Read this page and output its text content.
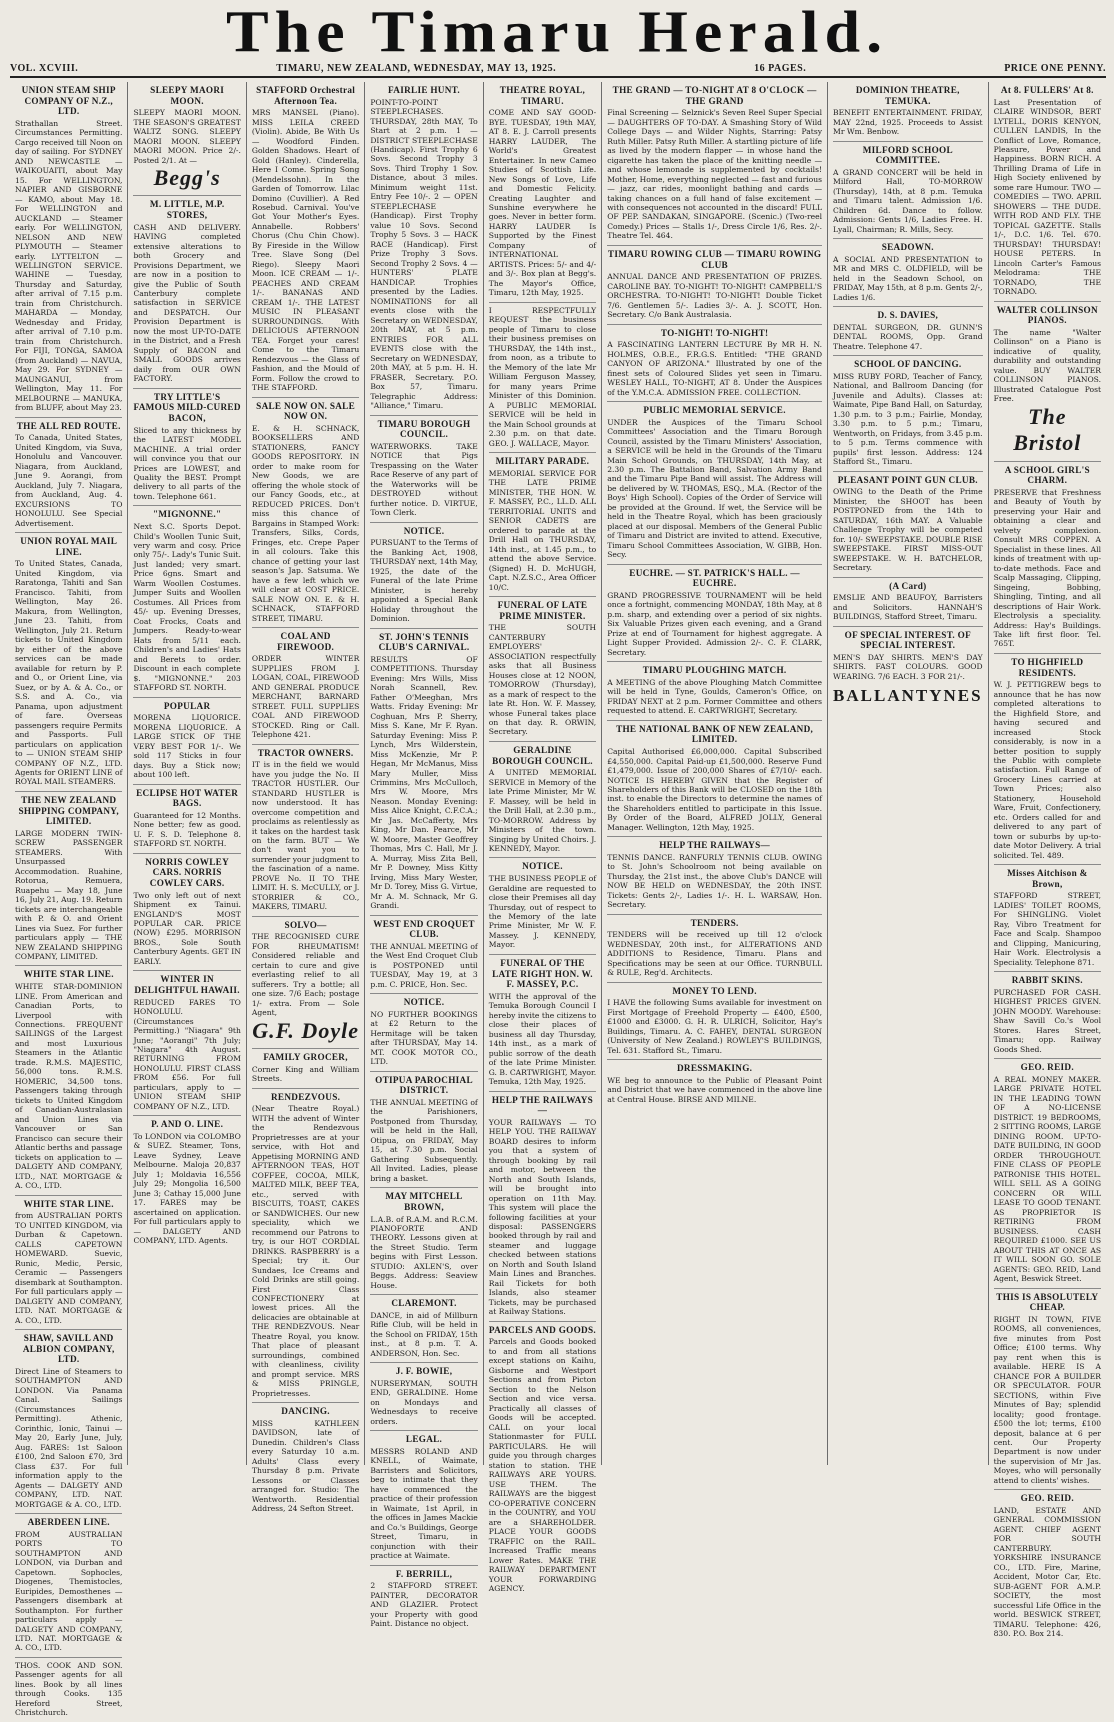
The Timaru Herald.
VOL. XCVIII.	TIMARU, NEW ZEALAND, WEDNESDAY, MAY 13, 1925.	16 PAGES.	PRICE ONE PENNY.
UNION STEAM SHIP COMPANY OF N.Z., LTD.

Strathallan Street. Circumstances Permitting. Cargo received till Noon on day of sailing. For SYDNEY AND NEWCASTLE — WAIKOUAITI, about May 15. For WELLINGTON, NAPIER AND GISBORNE — KAMO, about May 18. For WELLINGTON and AUCKLAND — Steamer early. For WELLINGTON, NELSON AND NEW PLYMOUTH — Steamer early. LYTTELTON — WELLINGTON SERVICE. WAHINE — Tuesday, Thursday and Saturday, after arrival of 7.15 p.m. train from Christchurch. MAHARDA — Monday, Wednesday and Friday, after arrival of 7.10 p.m. train from Christchurch. For FIJI, TONGA, SAMOA (from Auckland) — NAVUA, May 29. For SYDNEY — MAUNGANUI, from Wellington, May 11. For MELBOURNE — MANUKA, from BLUFF, about May 23.

THE ALL RED ROUTE.

To Canada, United States, United Kingdom, via Suva, Honolulu and Vancouver. Niagara, from Auckland, June 9. Aorangi, from Auckland, July 7. Niagara, from Auckland, Aug. 4. EXCURSIONS TO HONOLULU. See Special Advertisement.

UNION ROYAL MAIL LINE.

To United States, Canada, United Kingdom, via Raratonga, Tahiti and San Francisco. Tahiti, from Wellington, May 26. Makura, from Wellington, June 23. Tahiti, from Wellington, July 21. Return tickets to United Kingdom by either of the above services can be made available for return by P. and O., or Orient Line, via Suez, or by A. & A. Co., or S.S. and A. Co., via Panama, upon adjustment of fare. Overseas passengers require Permits and Passports. Full particulars on application to — UNION STEAM SHIP COMPANY OF N.Z., LTD. Agents for ORIENT LINE of ROYAL MAIL STEAMERS.

THE NEW ZEALAND SHIPPING COMPANY, LIMITED.

LARGE MODERN TWIN-SCREW PASSENGER STEAMERS. With Unsurpassed Accommodation. Ruahine, Rotorua, Remuera, Ruapehu — May 18, June 16, July 21, Aug. 19. Return tickets are interchangeable with P. & O. and Orient Lines via Suez. For further particulars apply — THE NEW ZEALAND SHIPPING COMPANY, LIMITED.

WHITE STAR LINE.

WHITE STAR-DOMINION LINE. From American and Canadian Ports, to Liverpool with Connections. FREQUENT SAILINGS of the Largest and most Luxurious Steamers in the Atlantic trade. R.M.S. MAJESTIC, 56,000 tons. R.M.S. HOMERIC, 34,500 tons. Passengers taking through tickets to United Kingdom of Canadian-Australasian and Union Lines via Vancouver or San Francisco can secure their Atlantic berths and passage tickets on application to — DALGETY AND COMPANY, LTD., NAT. MORTGAGE & A. CO., LTD.

WHITE STAR LINE.

from AUSTRALIAN PORTS TO UNITED KINGDOM, via Durban & Capetown. CALLS CAPETOWN HOMEWARD. Suevic, Runic, Medic, Persic, Ceramic — Passengers disembark at Southampton. For full particulars apply — DALGETY AND COMPANY, LTD. NAT. MORTGAGE & A. CO., LTD.

SHAW, SAVILL AND ALBION COMPANY, LTD.

Direct Line of Steamers to SOUTHAMPTON AND LONDON. Via Panama Canal. Sailings (Circumstances Permitting). Athenic, Corinthic, Ionic, Tainui — May 20, Early June, July, Aug. FARES: 1st Saloon £100, 2nd Saloon £70, 3rd Class £37. For full information apply to the Agents — DALGETY AND COMPANY, LTD. NAT. MORTGAGE & A. CO., LTD.

ABERDEEN LINE.

FROM AUSTRALIAN PORTS TO SOUTHAMPTON AND LONDON, via Durban and Capetown. Sophocles, Diogenes, Themistocles, Euripides, Demosthenes — Passengers disembark at Southampton. For further particulars apply — DALGETY AND COMPANY, LTD. NAT. MORTGAGE & A. CO., LTD.

THOS. COOK AND SON. Passenger agents for all lines. Book by all lines through Cooks. 135 Hereford Street, Christchurch.

SLEEPY MAORI MOON.

SLEEPY MAORI MOON. THE SEASON'S GREATEST WALTZ SONG. SLEEPY MAORI MOON. SLEEPY MAORI MOON. Price 2/-. Posted 2/1. At —

Begg's
M. LITTLE, M.P. STORES,

CASH AND DELIVERY. HAVING completed extensive alterations to both Grocery and Provisions Department, we are now in a position to give the Public of South Canterbury complete satisfaction in SERVICE and DESPATCH. Our Provision Department is now the most UP-TO-DATE in the District, and a Fresh Supply of BACON and SMALL GOODS arrives daily from OUR OWN FACTORY.

TRY LITTLE'S FAMOUS MILD-CURED BACON,

Sliced to any thickness by the LATEST MODEL MACHINE. A trial order will convince you that our Prices are LOWEST, and Quality the BEST. Prompt delivery to all parts of the town. Telephone 661.

"MIGNONNE."

Next S.C. Sports Depot. Child's Woollen Tunic Suit, very warm and cosy. Price only 75/-. Lady's Tunic Suit. Just landed; very smart. Price 6gns. Smart and Warm Woollen Costumes. Jumper Suits and Woollen Costumes. All Prices from 45/- up. Evening Dresses, Coat Frocks, Coats and Jumpers. Ready-to-wear Hats from 5/11 each. Children's and Ladies' Hats and Berets to order. Discount in each complete $. "MIGNONNE." 203 STAFFORD ST. NORTH.

POPULAR

MORENA LIQUORICE. MORENA LIQUORICE. A LARGE STICK OF THE VERY BEST FOR 1/-. We sold 117 Sticks in four days. Buy a Stick now; about 100 left.

ECLIPSE HOT WATER BAGS.

Guaranteed for 12 Months. None better; few as good. U. F. S. D. Telephone 8. STAFFORD ST. NORTH.

NORRIS COWLEY CARS. NORRIS COWLEY CARS.

Two only left out of next Shipment ex Tainui. ENGLAND'S MOST POPULAR CAR. PRICE (NOW) £295. MORRISON BROS., Sole South Canterbury Agents. GET IN EARLY.

WINTER IN DELIGHTFUL HAWAII.

REDUCED FARES TO HONOLULU. (Circumstances Permitting.) "Niagara" 9th June; "Aorangi" 7th July; "Niagara" 4th August. RETURNING FROM HONOLULU. FIRST CLASS FROM £56. For full particulars, apply to — UNION STEAM SHIP COMPANY OF N.Z., LTD.

P. AND O. LINE.

To LONDON via COLOMBO & SUEZ. Steamer, Tons, Leave Sydney, Leave Melbourne. Maloja 20,837 July 1; Moldavia 16,556 July 29; Mongolia 16,500 June 3; Cathay 15,000 June 17. FARES may be ascertained on application. For full particulars apply to — DALGETY AND COMPANY, LTD. Agents.

STAFFORD Orchestral Afternoon Tea.

MRS MANSEL (Piano). MISS LEILA CREED (Violin). Abide, Be With Us — Woodford Finden. Golden Shadows. Heart of Gold (Hanley). Cinderella, Here I Come. Spring Song (Mendelssohn). In the Garden of Tomorrow. Lilac Domino (Cuvillier). A Red Rosebud. Carnival. You've Got Your Mother's Eyes. Annabelle. Robbers' Chorus (Chu Chin Chow). By Fireside in the Willow Tree. Slave Song (Del Riego). Sleepy Maori Moon. ICE CREAM — 1/-. PEACHES AND CREAM 1/-. BANANAS AND CREAM 1/-. THE LATEST MUSIC IN PLEASANT SURROUNDINGS. With DELICIOUS AFTERNOON TEA. Forget your cares! Come to the Timaru Rendezvous — the Glass of Fashion, and the Mould of Form. Follow the crowd to THE STAFFORD.

SALE NOW ON. SALE NOW ON.

E. & H. SCHNACK, BOOKSELLERS AND STATIONERS, FANCY GOODS REPOSITORY. IN order to make room for New Goods, we are offering the whole stock of our Fancy Goods, etc., at REDUCED PRICES. Don't miss this chance of Bargains in Stamped Work: Transfers, Silks, Cords, Fringes, etc. Crepe Paper in all colours. Take this chance of getting your last season's Jap. Satsuma. We have a few left which we will clear at COST PRICE. SALE NOW ON. E. & H. SCHNACK, STAFFORD STREET, TIMARU.

COAL AND FIREWOOD.

ORDER WINTER SUPPLIES FROM J. LOGAN, COAL, FIREWOOD AND GENERAL PRODUCE MERCHANT, BARNARD STREET. FULL SUPPLIES COAL AND FIREWOOD STOCKED. Ring or Call. Telephone 421.

TRACTOR OWNERS.

IT is in the field we would have you judge the No. II TRACTOR HUSTLER. Our STANDARD HUSTLER is now understood. It has overcome competition and proclaims as relentlessly as it takes on the hardest task on the farm. BUT — We don't want you to surrender your judgment to the fascination of a name. PROVE No. II TO THE LIMIT. H. S. McCULLY, or J. STORRIER & CO., MAKERS, TIMARU.

SOLVO—

THE RECOGNISED CURE FOR RHEUMATISM! Considered reliable and certain to cure and give everlasting relief to all sufferers. Try a bottle; all one size. 7/6 Each; postage 1/- extra. From — Sole Agent,

G.F. Doyle
FAMILY GROCER,

Corner King and William Streets.

RENDEZVOUS.

(Near Theatre Royal.) WITH the advent of Winter the Rendezvous Proprietresses are at your service, with Hot and Appetising MORNING AND AFTERNOON TEAS, HOT COFFEE, COCOA, MILK, MALTED MILK, BEEF TEA, etc., served with BISCUITS, TOAST, CAKES or SANDWICHES. Our new speciality, which we recommend our Patrons to try, is our HOT CORDIAL DRINKS. RASPBERRY is a Special; try it. Our Sundaes, Ice Creams and Cold Drinks are still going. First Class CONFECTIONERY at lowest prices. All the delicacies are obtainable at THE RENDEZVOUS. Near Theatre Royal, you know. That place of pleasant surroundings, combined with cleanliness, civility and prompt service. MRS & MISS PRINGLE, Proprietresses.

DANCING.

MISS KATHLEEN DAVIDSON, late of Dunedin. Children's Class every Saturday 10 a.m. Adults' Class every Thursday 8 p.m. Private Lessons or Classes arranged for. Studio: The Wentworth. Residential Address, 24 Sefton Street.

FAIRLIE HUNT.

POINT-TO-POINT STEEPLECHASES. THURSDAY, 28th MAY, To Start at 2 p.m. 1 — DISTRICT STEEPLECHASE (Handicap). First Trophy 6 Sovs. Second Trophy 3 Sovs. Third Trophy 1 Sov. Distance, about 3 miles. Minimum weight 11st. Entry Fee 10/-. 2 — OPEN STEEPLECHASE (Handicap). First Trophy value 10 Sovs. Second Trophy 5 Sovs. 3 — HACK RACE (Handicap). First Prize Trophy 3 Sovs. Second Trophy 2 Sovs. 4 — HUNTERS' PLATE HANDICAP. Trophies presented by the Ladies. NOMINATIONS for all events close with the Secretary on WEDNESDAY, 20th MAY, at 5 p.m. ENTRIES FOR ALL EVENTS close with the Secretary on WEDNESDAY, 20th MAY, at 5 p.m. H. H. FRASER, Secretary. P.O. Box 57, Timaru. Telegraphic Address: "Alliance," Timaru.

TIMARU BOROUGH COUNCIL.

WATERWORKS. TAKE NOTICE that Pigs Trespassing on the Water Race Reserve of any part of the Waterworks will be DESTROYED without further notice. D. VIRTUE, Town Clerk.

NOTICE.

PURSUANT to the Terms of the Banking Act, 1908, THURSDAY next, 14th May, 1925, the date of the Funeral of the late Prime Minister, is hereby appointed a Special Bank Holiday throughout the Dominion.

ST. JOHN'S TENNIS CLUB'S CARNIVAL.

RESULTS OF COMPETITIONS. Thursday Evening: Mrs Wills, Miss Norah Scannell, Rev. Father O'Meeghan, Mrs Watts. Friday Evening: Mr Coghuan, Mrs P. Sherry, Miss S. Kane, Mr F. Ryan. Saturday Evening: Miss P. Lynch, Mrs Wilderstein, Miss McKenzie, Mr P. Hegan, Mr McManus, Miss Mary Muller, Miss Crimmins, Mrs McCulloch, Mrs W. Moore, Mrs Neason. Monday Evening: Miss Alice Knight, C.F.C.A.; Mr Jas. McCafferty, Mrs King, Mr Dan. Pearce, Mr W. Moore, Master Geoffrey Thomas, Mrs C. Hall, Mr J. A. Murray, Miss Zita Bell, Mr P. Downey, Miss Kitty Irving, Miss Mary Wester, Mr D. Torey, Miss G. Virtue, Mr A. M. Schnack, Mr G. Grandi.

WEST END CROQUET CLUB.

THE ANNUAL MEETING of the West End Croquet Club is POSTPONED until TUESDAY, May 19, at 3 p.m. C. PRICE, Hon. Sec.

NOTICE.

NO FURTHER BOOKINGS at £2 Return to the Hermitage will be taken after THURSDAY, May 14. MT. COOK MOTOR CO., LTD.

OTIPUA PAROCHIAL DISTRICT.

THE ANNUAL MEETING of the Parishioners, Postponed from Thursday, will be held in the Hall, Otipua, on FRIDAY, May 15, at 7.30 p.m. Social Gathering Subsequently. All Invited. Ladies, please bring a basket.

MAY MITCHELL BROWN,

L.A.B. of R.A.M. and R.C.M. PIANOFORTE AND THEORY. Lessons given at the Street Studio. Term begins with First Lesson. STUDIO: AXLEN'S, over Beggs. Address: Seaview House.

CLAREMONT.

DANCE, in aid of Millburn Rifle Club, will be held in the School on FRIDAY, 15th inst., at 8 p.m. T. A. ANDERSON, Hon. Sec.

J. F. BOWIE,

NURSERYMAN, SOUTH END, GERALDINE. Home on Mondays and Wednesdays to receive orders.

LEGAL.

MESSRS ROLAND AND KNELL, of Waimate, Barristers and Solicitors, beg to intimate that they have commenced the practice of their profession in Waimate, 1st April, in the offices in James Mackie and Co.'s Buildings, George Street, Timaru, in conjunction with their practice at Waimate.

F. BERRILL,

2 STAFFORD STREET. PAINTER, DECORATOR AND GLAZIER. Protect your Property with good Paint. Distance no object.

THEATRE ROYAL, TIMARU.

COME AND SAY GOOD-BYE. TUESDAY, 19th MAY, AT 8. E. J. Carroll presents HARRY LAUDER, The World's Greatest Entertainer. In new Cameo Studies of Scottish Life. New Songs of Love, Life and Domestic Felicity. Creating Laughter and Sunshine everywhere he goes. Never in better form. HARRY LAUDER Is Supported by the Finest Company of INTERNATIONAL ARTISTS. Prices: 5/- and 4/- and 3/-. Box plan at Begg's. The Mayor's Office, Timaru, 12th May, 1925.

I RESPECTFULLY REQUEST the business people of Timaru to close their business premises on THURSDAY, the 14th inst., from noon, as a tribute to the Memory of the late Mr William Ferguson Massey, for many years Prime Minister of this Dominion. A PUBLIC MEMORIAL SERVICE will be held in the Main School grounds at 2.30 p.m. on that date. GEO. J. WALLACE, Mayor.

MILITARY PARADE.

MEMORIAL SERVICE FOR THE LATE PRIME MINISTER, THE HON. W. F. MASSEY, P.C., LL.D. ALL TERRITORIAL UNITS and SENIOR CADETS are ordered to parade at the Drill Hall on THURSDAY, 14th inst., at 1.45 p.m., to attend the above Service. (Signed) H. D. McHUGH, Capt. N.Z.S.C., Area Officer 10/C.

FUNERAL OF LATE PRIME MINISTER.

THE SOUTH CANTERBURY EMPLOYERS' ASSOCIATION respectfully asks that all Business Houses close at 12 NOON, TOMORROW (Thursday), as a mark of respect to the late Rt. Hon. W. F. Massey, whose Funeral takes place on that day. R. ORWIN, Secretary.

GERALDINE BOROUGH COUNCIL.

A UNITED MEMORIAL SERVICE in Memory of the late Prime Minister, Mr W. F. Massey, will be held in the Drill Hall, at 2.30 p.m., TO-MORROW. Address by Ministers of the town. Singing by United Choirs. J. KENNEDY, Mayor.

NOTICE.

THE BUSINESS PEOPLE of Geraldine are requested to close their Premises all day Thursday, out of respect to the Memory of the late Prime Minister, Mr W. F. Massey. J. KENNEDY, Mayor.

FUNERAL OF THE LATE RIGHT HON. W. F. MASSEY, P.C.

WITH the approval of the Temuka Borough Council I hereby invite the citizens to close their places of business all day Thursday, 14th inst., as a mark of public sorrow of the death of the late Prime Minister. G. B. CARTWRIGHT, Mayor. Temuka, 12th May, 1925.

HELP THE RAILWAYS—

YOUR RAILWAYS — TO HELP YOU. THE RAILWAY BOARD desires to inform you that a system of through booking by rail and motor, between the North and South Islands, will be brought into operation on 11th May. This system will place the following facilities at your disposal: PASSENGERS booked through by rail and steamer and luggage checked between stations on North and South Island Main Lines and Branches. Rail Tickets for both Islands, also steamer Tickets, may be purchased at Railway Stations.

PARCELS AND GOODS.

Parcels and Goods booked to and from all stations except stations on Kaihu, Gisborne and Westport Sections and from Picton Section to the Nelson Section and vice versa. Practically all classes of Goods will be accepted. CALL on your local Stationmaster for FULL PARTICULARS. He will guide you through charges station to station. THE RAILWAYS ARE YOURS. USE THEM. The RAILWAYS are the biggest CO-OPERATIVE CONCERN in the COUNTRY, and YOU are a SHAREHOLDER. PLACE YOUR GOODS TRAFFIC on the RAIL. Increased Traffic means Lower Rates. MAKE THE RAILWAY DEPARTMENT YOUR FORWARDING AGENCY.

THE GRAND — TO-NIGHT AT 8 O'CLOCK — THE GRAND

Final Screening — Selznick's Seven Reel Super Special — DAUGHTERS OF TO-DAY. A Smashing Story of Wild College Days — and Wilder Nights, Starring: Patsy Ruth Miller. Patsy Ruth Miller. A startling picture of life as lived by the modern flapper — in whose hand the cigarette has taken the place of the knitting needle — and whose lemonade is supplemented by cocktails! Mother, Home, everything neglected — fast and furious — jazz, car rides, moonlight bathing and cards — taking chances on a full hand of false excitement — with consequences not accounted in the discard! FULL OF PEP. SANDAKAN, SINGAPORE. (Scenic.) (Two-reel Comedy.) Prices — Stalls 1/-, Dress Circle 1/6, Res. 2/-. Theatre Tel. 464.

TIMARU ROWING CLUB — TIMARU ROWING CLUB

ANNUAL DANCE AND PRESENTATION OF PRIZES. CAROLINE BAY. TO-NIGHT! TO-NIGHT! CAMPBELL'S ORCHESTRA. TO-NIGHT! TO-NIGHT! Double Ticket 7/6. Gentlemen 5/-. Ladies 3/-. A. J. SCOTT, Hon. Secretary. C/o Bank Australasia.

TO-NIGHT! TO-NIGHT!

A FASCINATING LANTERN LECTURE By MR H. N. HOLMES, O.B.E., F.R.G.S. Entitled: "THE GRAND CANYON OF ARIZONA." Illustrated by one of the finest sets of Coloured Slides yet seen in Timaru. WESLEY HALL, TO-NIGHT, AT 8. Under the Auspices of the Y.M.C.A. ADMISSION FREE. COLLECTION.

PUBLIC MEMORIAL SERVICE.

UNDER the Auspices of the Timaru School Committees' Association and the Timaru Borough Council, assisted by the Timaru Ministers' Association, a SERVICE will be held in the Grounds of the Timaru Main School Grounds, on THURSDAY, 14th May, at 2.30 p.m. The Battalion Band, Salvation Army Band and the Timaru Pipe Band will assist. The Address will be delivered by W. THOMAS, ESQ., M.A. (Rector of the Boys' High School). Copies of the Order of Service will be provided at the Ground. If wet, the Service will be held in the Theatre Royal, which has been graciously placed at our disposal. Members of the General Public of Timaru and District are invited to attend. Executive, Timaru School Committees Association, W. GIBB, Hon. Secy.

EUCHRE. — ST. PATRICK'S HALL. — EUCHRE.

GRAND PROGRESSIVE TOURNAMENT will be held once a fortnight, commencing MONDAY, 18th May, at 8 p.m. sharp, and extending over a period of six nights. Six Valuable Prizes given each evening, and a Grand Prize at end of Tournament for highest aggregate. A Light Supper Provided. Admission 2/-. C. F. CLARK, Secretary.

TIMARU PLOUGHING MATCH.

A MEETING of the above Ploughing Match Committee will be held in Tyne, Goulds, Cameron's Office, on FRIDAY NEXT at 2 p.m. Former Committee and others requested to attend. E. CARTWRIGHT, Secretary.

THE NATIONAL BANK OF NEW ZEALAND, LIMITED.

Capital Authorised £6,000,000. Capital Subscribed £4,550,000. Capital Paid-up £1,500,000. Reserve Fund £1,479,000. Issue of 200,000 Shares of £7/10/- each. NOTICE IS HEREBY GIVEN that the Register of Shareholders of this Bank will be CLOSED on the 18th inst. to enable the Directors to determine the names of the Shareholders entitled to participate in this Issue. By Order of the Board, ALFRED JOLLY, General Manager. Wellington, 12th May, 1925.

HELP THE RAILWAYS—

TENNIS DANCE. RANFURLY TENNIS CLUB. OWING to St. John's Schoolroom not being available on Thursday, the 21st inst., the above Club's DANCE will NOW BE HELD on WEDNESDAY, the 20th INST. Tickets: Gents 2/-, Ladies 1/-. H. L. WARSAW, Hon. Secretary.

TENDERS.

TENDERS will be received up till 12 o'clock WEDNESDAY, 20th inst., for ALTERATIONS AND ADDITIONS to Residence, Timaru. Plans and Specifications may be seen at our Office. TURNBULL & RULE, Reg'd. Architects.

MONEY TO LEND.

I HAVE the following Sums available for investment on First Mortgage of Freehold Property — £400, £500, £1000 and £3000. G. H. R. ULRICH, Solicitor, Hay's Buildings, Timaru. A. C. FAHEY, DENTAL SURGEON (University of New Zealand.) ROWLEY'S BUILDINGS, Tel. 631. Stafford St., Timaru.

DRESSMAKING.

WE beg to announce to the Public of Pleasant Point and District that we have commenced in the above line at Central House. BIRSE AND MILNE.

DOMINION THEATRE, TEMUKA.

BENEFIT ENTERTAINMENT. FRIDAY, MAY 22nd, 1925. Proceeds to Assist Mr Wm. Benbow.

MILFORD SCHOOL COMMITTEE.

A GRAND CONCERT will be held in Milford Hall, TO-MORROW (Thursday), 14th, at 8 p.m. Temuka and Timaru talent. Admission 1/6. Children 6d. Dance to follow. Admission: Gents 1/6, Ladies Free. H. Lyall, Chairman; R. Mills, Secy.

SEADOWN.

A SOCIAL AND PRESENTATION to MR and MRS C. OLDFIELD, will be held in the Seadown School, on FRIDAY, May 15th, at 8 p.m. Gents 2/-, Ladies 1/6.

D. S. DAVIES,

DENTAL SURGEON, DR. GUNN'S DENTAL ROOMS, Opp. Grand Theatre. Telephone 47.

SCHOOL OF DANCING.

MISS RUBY FORD, Teacher of Fancy, National, and Ballroom Dancing (for Juvenile and Adults). Classes at: Waimate, Pipe Band Hall, on Saturday, 1.30 p.m. to 3 p.m.; Fairlie, Monday, 3.30 p.m. to 5 p.m.; Timaru, Wentworth, on Fridays, from 3.45 p.m. to 5 p.m. Terms commence with pupils' first lesson. Address: 124 Stafford St., Timaru.

PLEASANT POINT GUN CLUB.

OWING to the Death of the Prime Minister, the SHOOT has been POSTPONED from the 14th to SATURDAY, 16th MAY. A Valuable Challenge Trophy will be competed for. 10/- SWEEPSTAKE. DOUBLE RISE SWEEPSTAKE. FIRST MISS-OUT SWEEPSTAKE. W. H. BATCHELOR, Secretary.

(A Card)

EMSLIE AND BEAUFOY, Barristers and Solicitors. HANNAH'S BUILDINGS, Stafford Street, Timaru.

OF SPECIAL INTEREST. OF SPECIAL INTEREST.

MEN'S DAY SHIRTS. MEN'S DAY SHIRTS. FAST COLOURS. GOOD WEARING. 7/6 EACH. 3 FOR 21/-.

BALLANTYNES
At 8. FULLERS' At 8.

Last Presentation of CLAIRE WINDSOR, BERT LYTELL, DORIS KENYON, CULLEN LANDIS, In the Conflict of Love, Romance, Pleasure, Power and Happiness. BORN RICH. A Thrilling Drama of Life in High Society enlivened by some rare Humour. TWO — COMEDIES — TWO. APRIL SHOWERS — THE DUDE. WITH ROD AND FLY. THE TOPICAL GAZETTE. Stalls 1/-, D.C. 1/6. Tel. 670. THURSDAY! THURSDAY! HOUSE PETERS. In Lincoln Carter's Famous Melodrama: THE TORNADO, THE TORNADO.

WALTER COLLINSON PIANOS.

The name "Walter Collinson" on a Piano is indicative of quality, durability and outstanding value. BUY WALTER COLLINSON PIANOS. Illustrated Catalogue Post Free.

The Bristol
A SCHOOL GIRL'S CHARM.

PRESERVE that Freshness and Beauty of Youth by preserving your Hair and obtaining a clear and velvety complexion. Consult MRS COPPEN. A Specialist in these lines. All kinds of treatment with up-to-date methods. Face and Scalp Massaging, Clipping, Singeing, Bobbing, Shingling, Tinting, and all descriptions of Hair Work. Electrolysis a speciality. Address: Hay's Buildings. Take lift first floor. Tel. 765T.

TO HIGHFIELD RESIDENTS.

W. J. PETTIGREW begs to announce that he has now completed alterations to the Highfield Store, and having secured and increased Stock considerably, is now in a better position to supply the Public with complete satisfaction. Full Range of Grocery Lines carried at Town Prices; also Stationery, Household Ware, Fruit, Confectionery, etc. Orders called for and delivered to any part of town or suburbs by up-to-date Motor Delivery. A trial solicited. Tel. 489.

Misses Aitchison & Brown,

STAFFORD STREET, LADIES' TOILET ROOMS, For SHINGLING. Violet Ray, Vibro Treatment for Face and Scalp. Shampoo and Clipping, Manicuring, Hair Work. Electrolysis a Speciality. Telephone 871.

RABBIT SKINS.

PURCHASED FOR CASH. HIGHEST PRICES GIVEN. JOHN MOODY. Warehouse: Shaw Savill Co.'s Wool Stores. Hares Street, Timaru; opp. Railway Goods Shed.

GEO. REID.

A REAL MONEY MAKER. LARGE PRIVATE HOTEL IN THE LEADING TOWN OF A NO-LICENSE DISTRICT. 19 BEDROOMS, 2 SITTING ROOMS, LARGE DINING ROOM. UP-TO-DATE BUILDING, IN GOOD ORDER THROUGHOUT. FINE CLASS OF PEOPLE PATRONISE THIS HOTEL. WILL SELL AS A GOING CONCERN OR WILL LEASE TO GOOD TENANT. AS PROPRIETOR IS RETIRING FROM BUSINESS. CASH REQUIRED £1000. SEE US ABOUT THIS AT ONCE AS IT WILL SOON GO. SOLE AGENTS: GEO. REID, Land Agent, Beswick Street.

THIS IS ABSOLUTELY CHEAP.

RIGHT IN TOWN, FIVE ROOMS, all conveniences, five minutes from Post Office; £100 terms. Why pay rent when this is available. HERE IS A CHANCE FOR A BUILDER OR SPECULATOR. FOUR SECTIONS, within Five Minutes of Bay; splendid locality; good frontage. £500 the lot; terms, £100 deposit, balance at 6 per cent. Our Property Department is now under the supervision of Mr Jas. Moyes, who will personally attend to clients' wishes.

GEO. REID.

LAND, ESTATE AND GENERAL COMMISSION AGENT. CHIEF AGENT FOR SOUTH CANTERBURY. YORKSHIRE INSURANCE CO., LTD. Fire, Marine, Accident, Motor Car, Etc. SUB-AGENT FOR A.M.P. SOCIETY, the most successful Life Office in the world. BESWICK STREET, TIMARU. Telephone: 426, 830. P.O. Box 214.
